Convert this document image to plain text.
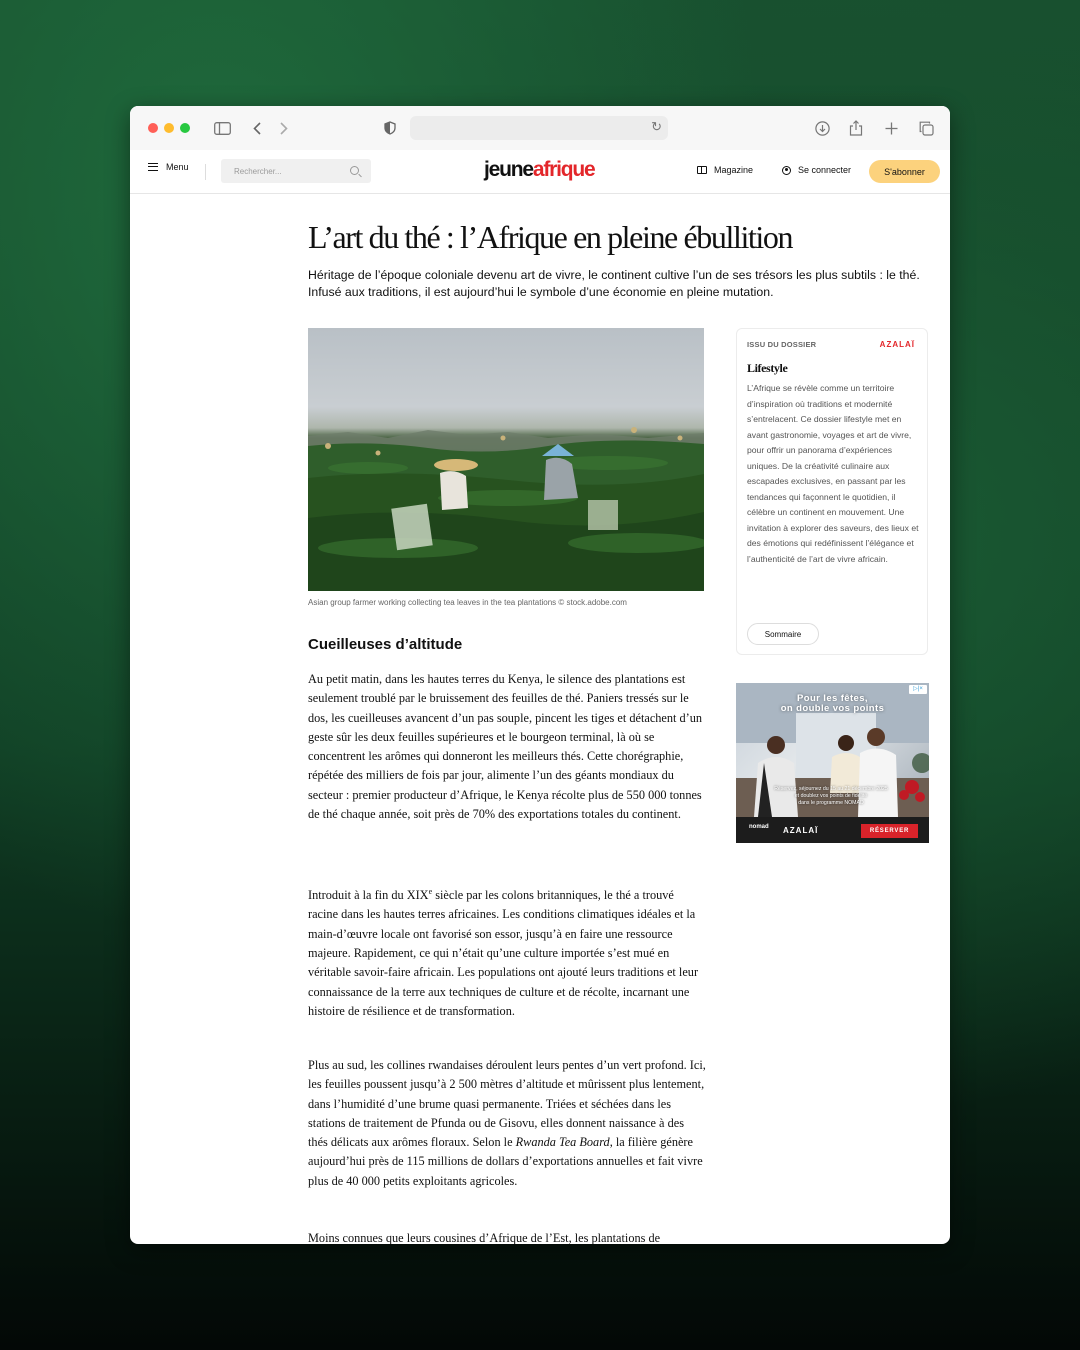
↻
Menu
Rechercher...	jeuneafrique	Magazine	Se connecter	S'abonner
L’art du thé : l’Afrique en pleine ébullition

Héritage de l’époque coloniale devenu art de vivre, le continent cultive l’un de ses trésors les plus subtils : le thé. Infusé aux traditions, il est aujourd’hui le symbole d’une économie en pleine mutation.

Asian group farmer working collecting tea leaves in the tea plantations © stock.adobe.com
Cueilleuses d’altitude

Au petit matin, dans les hautes terres du Kenya, le silence des plantations est seulement troublé par le bruissement des feuilles de thé. Paniers tressés sur le dos, les cueilleuses avancent d’un pas souple, pincent les tiges et détachent d’un geste sûr les deux feuilles supérieures et le bourgeon terminal, là où se concentrent les arômes qui donneront les meilleurs thés. Cette chorégraphie, répétée des milliers de fois par jour, alimente l’un des géants mondiaux du secteur : premier producteur d’Afrique, le Kenya récolte plus de 550 000 tonnes de thé chaque année, soit près de 70% des exportations totales du continent.

Introduit à la fin du XIXe siècle par les colons britanniques, le thé a trouvé racine dans les hautes terres africaines. Les conditions climatiques idéales et la main-d’œuvre locale ont favorisé son essor, jusqu’à en faire une ressource majeure. Rapidement, ce qui n’était qu’une culture importée s’est mué en véritable savoir-faire africain. Les populations ont ajouté leurs traditions et leur connaissance de la terre aux techniques de culture et de récolte, incarnant une histoire de résilience et de transformation.

Plus au sud, les collines rwandaises déroulent leurs pentes d’un vert profond. Ici, les feuilles poussent jusqu’à 2 500 mètres d’altitude et mûrissent plus lentement, dans l’humidité d’une brume quasi permanente. Triées et séchées dans les stations de traitement de Pfunda ou de Gisovu, elles donnent naissance à des thés délicats aux arômes floraux. Selon le Rwanda Tea Board, la filière génère aujourd’hui près de 115 millions de dollars d’exportations annuelles et fait vivre plus de 40 000 petits exploitants agricoles.

Moins connues que leurs cousines d’Afrique de l’Est, les plantations de

ISSU DU DOSSIER	AZALAÏ
Lifestyle

L’Afrique se révèle comme un territoire d’inspiration où traditions et modernité s’entrelacent. Ce dossier lifestyle met en avant gastronomie, voyages et art de vivre, pour offrir un panorama d’expériences uniques. De la créativité culinaire aux escapades exclusives, en passant par les tendances qui façonnent le quotidien, il célèbre un continent en mouvement. Une invitation à explorer des saveurs, des lieux et des émotions qui redéfinissent l’élégance et l’authenticité de l’art de vivre africain.

Sommaire
▷|×
Pour les fêtes,
on double vos points
Réservez, séjournez du 15 au 21 décembre 2025
et doublez vos points de fidélité
dans le programme NOMAD
nomad AZALAÏ	RÉSERVER
